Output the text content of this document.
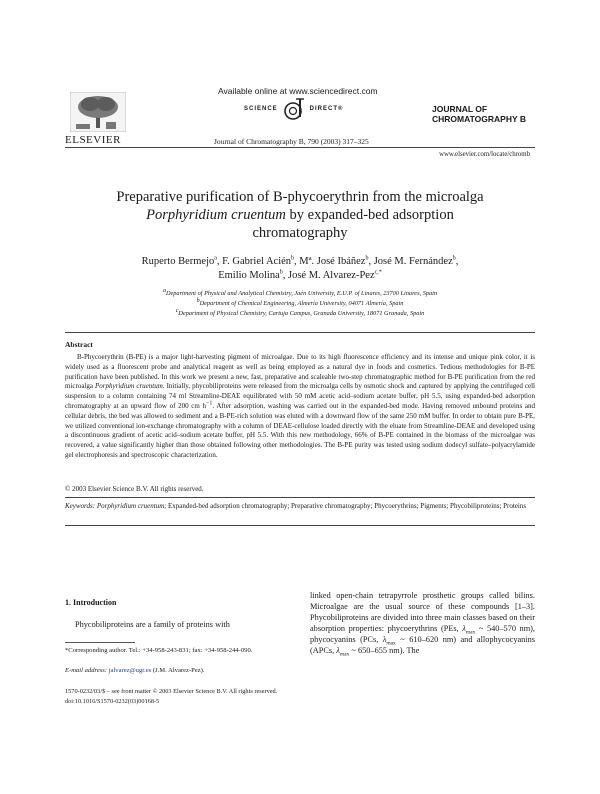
ELSEVIER
Available online at www.sciencedirect.com
SCIENCE	DIRECT®
Journal of Chromatography B, 790 (2003) 317–325
JOURNAL OF
CHROMATOGRAPHY B
www.elsevier.com/locate/chromb
Preparative purification of B-phycoerythrin from the microalga
Porphyridium cruentum by expanded-bed adsorption
chromatography
Ruperto Bermejo$^a$, F. Gabriel Acién$^b$, Mª. José Ibáñez$^b$, José M. Fernández$^b$,
Emilio Molina$^b$, José M. Alvarez-Pez$^{c,*}$
$^a$Department of Physical and Analytical Chemistry, Jaén University, E.U.P. of Linares, 23700 Linares, Spain
$^b$Department of Chemical Engineering, Almería University, 04071 Almería, Spain
$^c$Department of Physical Chemistry, Cartuja Campus, Granada University, 18071 Granada, Spain
Abstract
B-Phycoerythrin (B-PE) is a major light-harvesting pigment of microalgae. Due to its high fluorescence efficiency and its intense and unique pink color, it is widely used as a fluorescent probe and analytical reagent as well as being employed as a natural dye in foods and cosmetics. Tedious methodologies for B-PE purification have been published. In this work we present a new, fast, preparative and scaleable two-step chromatographic method for B-PE purification from the red microalga Porphyridium cruentum. Initially, phycobiliproteins were released from the microalga cells by osmotic shock and captured by applying the centrifuged cell suspension to a column containing 74 ml Streamline-DEAE equilibrated with 50 mM acetic acid–sodium acetate buffer, pH 5.5, using expanded-bed adsorption chromatography at an upward flow of 200 cm $h^{-1}$. After adsorption, washing was carried out in the expanded-bed mode. Having removed unbound proteins and cellular debris, the bed was allowed to sediment and a B-PE-rich solution was eluted with a downward flow of the same 250 mM buffer. In order to obtain pure B-PE, we utilized conventional ion-exchange chromatography with a column of DEAE-cellulose loaded directly with the eluate from Streamline-DEAE and developed using a discontinuous gradient of acetic acid–sodium acetate buffer, pH 5.5. With this new methodology, 66% of B-PE contained in the biomass of the microalgae was recovered, a value significantly higher than those obtained following other methodologies. The B-PE purity was tested using sodium dodecyl sulfate–polyacrylamide gel electrophoresis and spectroscopic characterization.
© 2003 Elsevier Science B.V. All rights reserved.
Keywords: Porphyridium cruentum; Expanded-bed adsorption chromatography; Preparative chromatography; Phycoerythrins; Pigments; Phycobiliproteins; Proteins
1. Introduction
Phycobiliproteins are a family of proteins with
linked open-chain tetrapyrrole prosthetic groups called bilins. Microalgae are the usual source of these compounds [1–3]. Phycobiliproteins are divided into three main classes based on their absorption properties: phycoerythrins (PEs, $\lambda_{max}$ ~ 540–570 nm), phycocyanins (PCs, $\lambda_{max}$ ~ 610–620 nm) and allophycocyanins (APCs, $\lambda_{max}$ ~ 650–655 nm). The
*Corresponding author. Tel.: +34-958-243-831; fax: +34-958-244-090.
E-mail address: jalvarez@ugr.es (J.M. Alvarez-Pez).
1570-0232/03/$ – see front matter © 2003 Elsevier Science B.V. All rights reserved.
doi:10.1016/S1570-0232(03)00168-5
